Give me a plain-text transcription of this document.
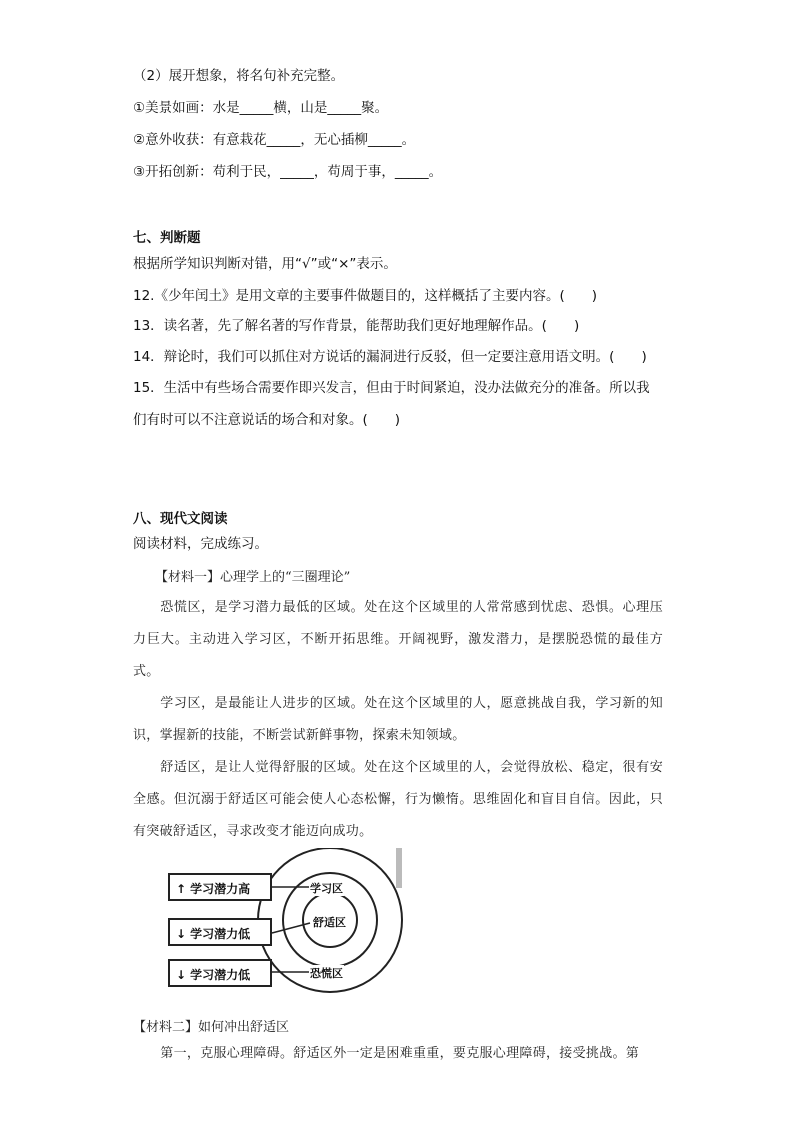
（2）展开想象，将名句补充完整。
①美景如画：水是_____横，山是_____聚。
②意外收获：有意栽花_____，无心插柳_____。
③开拓创新：苟利于民，_____，苟周于事，_____。
七、判断题
根据所学知识判断对错，用“√”或“×”表示。
12.《少年闰土》是用文章的主要事件做题目的，这样概括了主要内容。(　　)
13．读名著，先了解名著的写作背景，能帮助我们更好地理解作品。(　　)
14．辩论时，我们可以抓住对方说话的漏洞进行反驳，但一定要注意用语文明。(　　)
15．生活中有些场合需要作即兴发言，但由于时间紧迫，没办法做充分的准备。所以我
们有时可以不注意说话的场合和对象。(　　)
八、现代文阅读
阅读材料，完成练习。
【材料一】心理学上的“三圈理论”

恐慌区，是学习潜力最低的区域。处在这个区域里的人常常感到忧虑、恐惧。心理压力巨大。主动进入学习区，不断开拓思维。开阔视野，激发潜力，是摆脱恐慌的最佳方式。

学习区，是最能让人进步的区域。处在这个区域里的人，愿意挑战自我，学习新的知识，掌握新的技能，不断尝试新鲜事物，探索未知领域。

舒适区，是让人觉得舒服的区域。处在这个区域里的人，会觉得放松、稳定，很有安全感。但沉溺于舒适区可能会使人心态松懈，行为懒惰。思维固化和盲目自信。因此，只有突破舒适区，寻求改变才能迈向成功。

↑ 学习潜力高
↓ 学习潜力低
↓ 学习潜力低
学习区
舒适区
恐慌区
【材料二】如何冲出舒适区

第一，克服心理障碍。舒适区外一定是困难重重，要克服心理障碍，接受挑战。第
